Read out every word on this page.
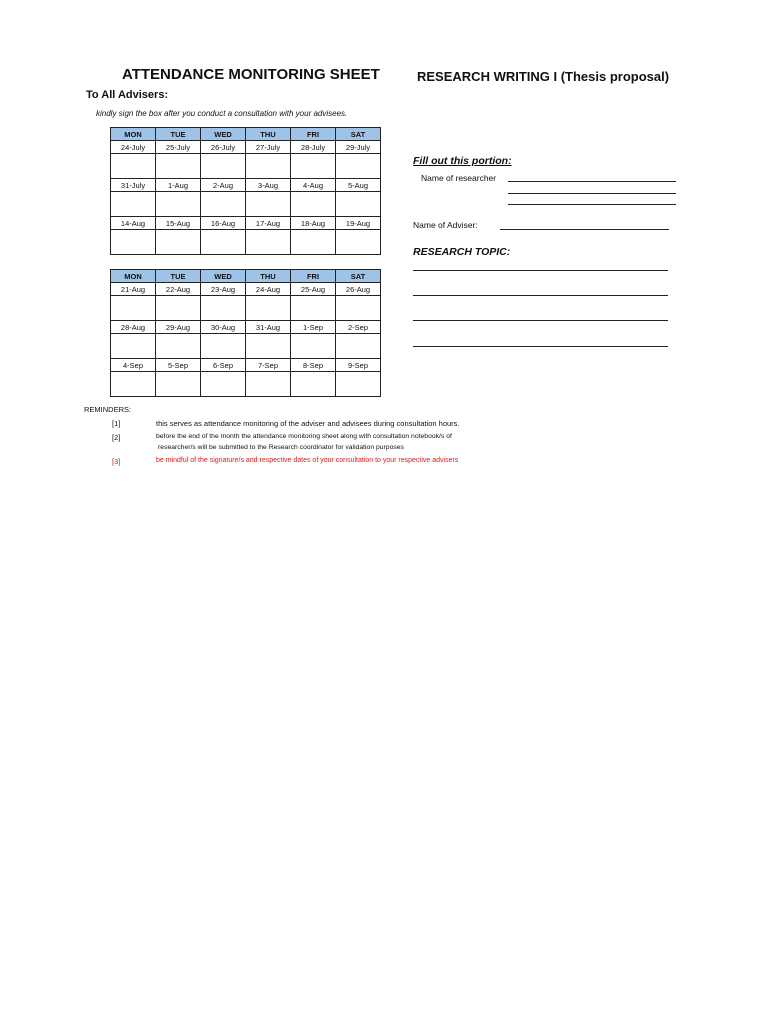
ATTENDANCE MONITORING SHEET	RESEARCH WRITING I (Thesis proposal)
To All Advisers:
kindly sign the box after you conduct a consultation with your advisees.
MON	TUE	WED	THU	FRI	SAT
24-July	25-July	26-July	27-July	28-July	29-July

31-July	1-Aug	2-Aug	3-Aug	4-Aug	5-Aug

14-Aug	15-Aug	16-Aug	17-Aug	18-Aug	19-Aug

MON	TUE	WED	THU	FRI	SAT
21-Aug	22-Aug	23-Aug	24-Aug	25-Aug	26-Aug

28-Aug	29-Aug	30-Aug	31-Aug	1-Sep	2-Sep

4-Sep	5-Sep	6-Sep	7-Sep	8-Sep	9-Sep

Fill out this portion:
Name of researcher
Name of Adviser:
RESEARCH TOPIC:
REMINDERS:
[1]	this serves as attendance monitoring of the adviser and advisees during consultation hours.
[2]	before the end of the month the attendance monitoring sheet along with consultation notebook/s of
researcher/s will be submitted to the Research coordinator for validation purposes
[3]	be mindful of the signature/s and respective dates of your consultation to your respective advisers
